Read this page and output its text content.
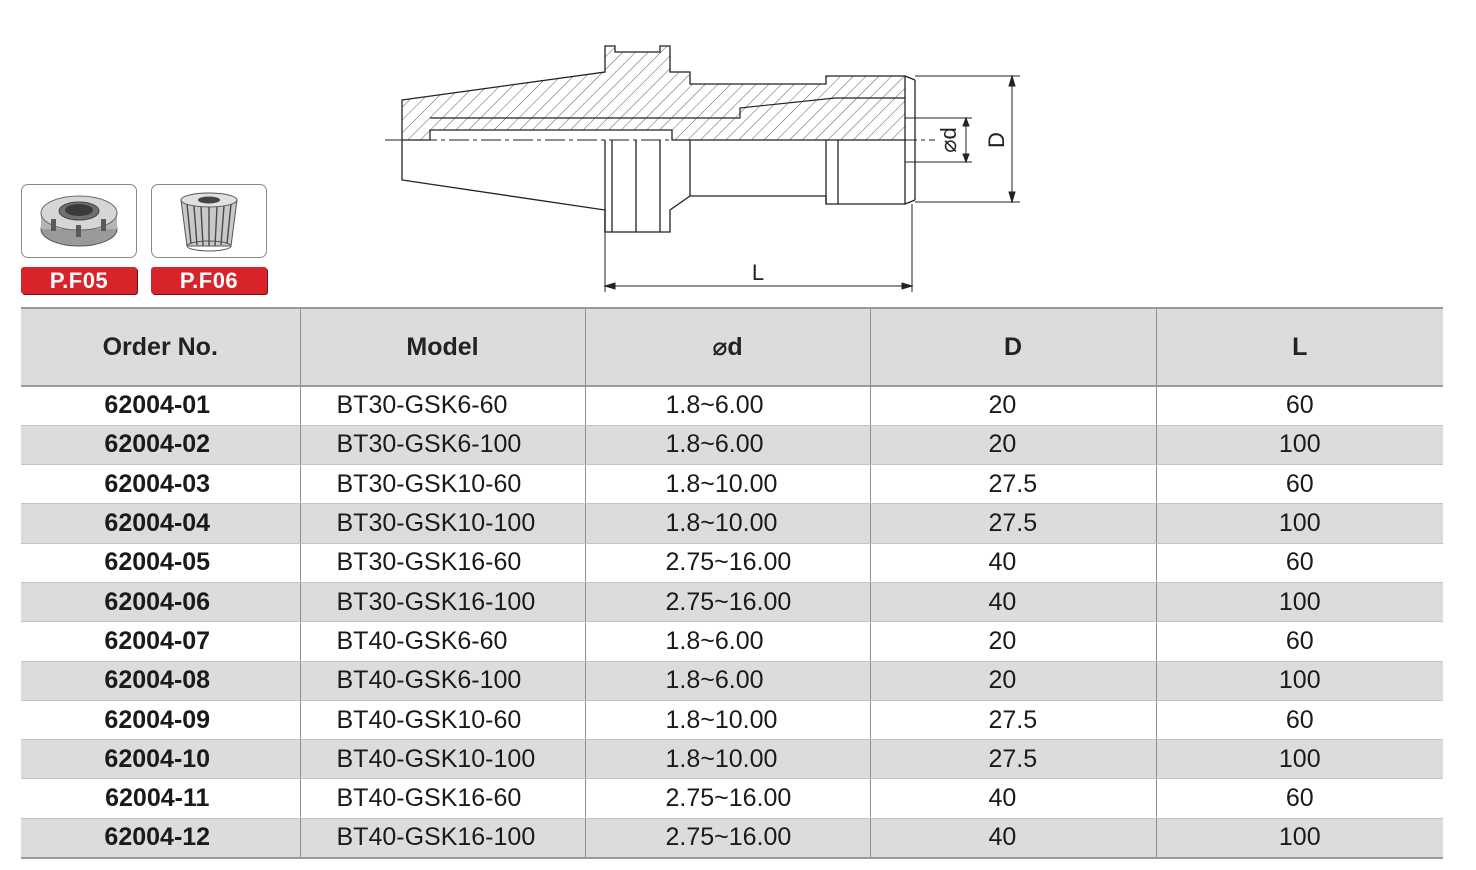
P.F05	P.F06
⌀d D
L
Order No.	Model	⌀d	D	L
62004-01	BT30-GSK6-60	1.8~6.00	20	60
62004-02	BT30-GSK6-100	1.8~6.00	20	100
62004-03	BT30-GSK10-60	1.8~10.00	27.5	60
62004-04	BT30-GSK10-100	1.8~10.00	27.5	100
62004-05	BT30-GSK16-60	2.75~16.00	40	60
62004-06	BT30-GSK16-100	2.75~16.00	40	100
62004-07	BT40-GSK6-60	1.8~6.00	20	60
62004-08	BT40-GSK6-100	1.8~6.00	20	100
62004-09	BT40-GSK10-60	1.8~10.00	27.5	60
62004-10	BT40-GSK10-100	1.8~10.00	27.5	100
62004-11	BT40-GSK16-60	2.75~16.00	40	60
62004-12	BT40-GSK16-100	2.75~16.00	40	100
